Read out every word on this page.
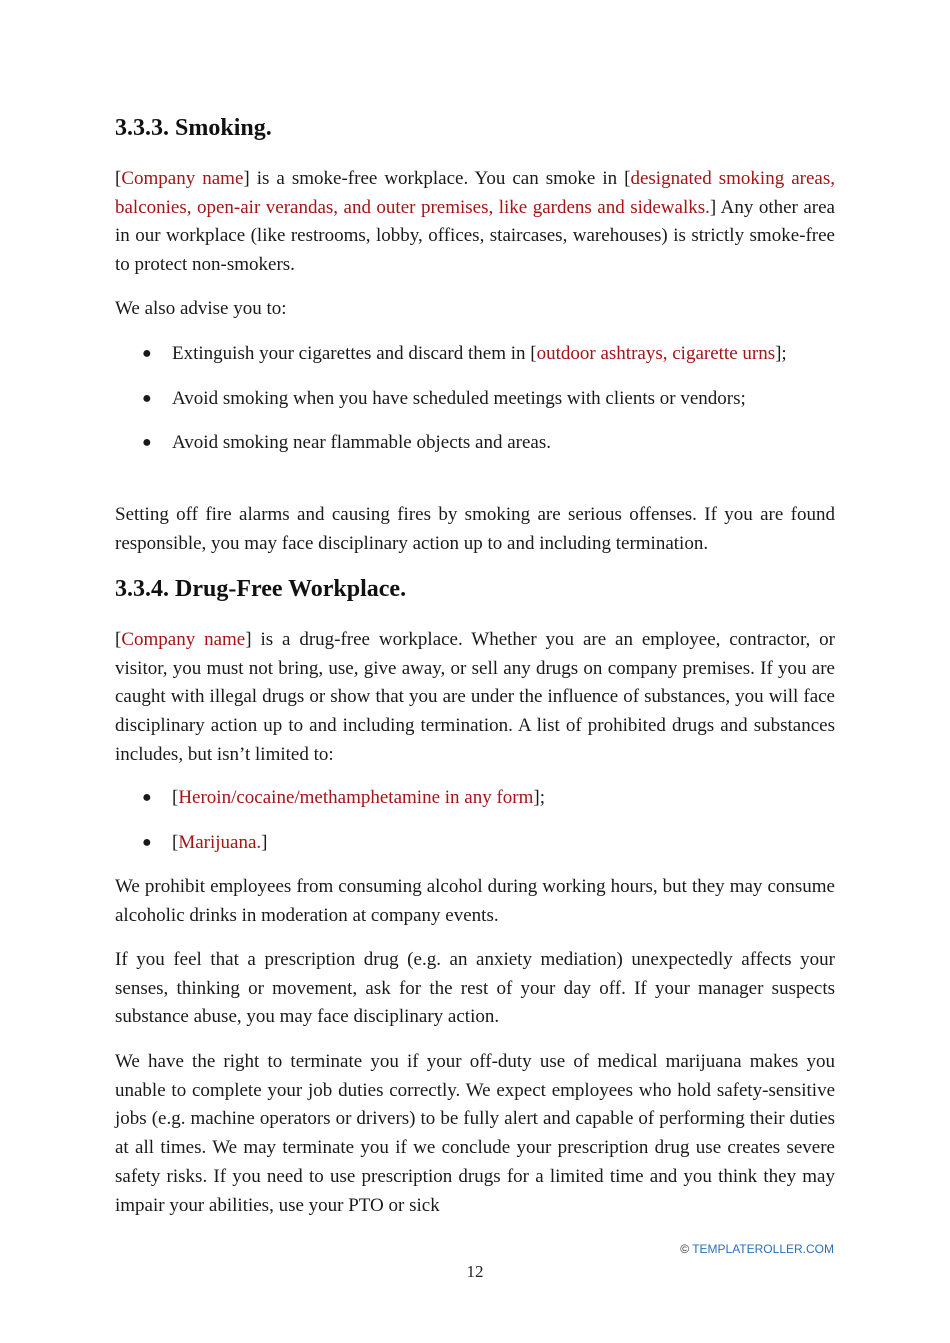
3.3.3. Smoking.

[Company name] is a smoke-free workplace. You can smoke in [designated smoking areas, balconies, open-air verandas, and outer premises, like gardens and sidewalks.] Any other area in our workplace (like restrooms, lobby, offices, staircases, warehouses) is strictly smoke-free to protect non-smokers.

We also advise you to:

● Extinguish your cigarettes and discard them in [outdoor ashtrays, cigarette urns];
● Avoid smoking when you have scheduled meetings with clients or vendors;
● Avoid smoking near flammable objects and areas.

Setting off fire alarms and causing fires by smoking are serious offenses. If you are found responsible, you may face disciplinary action up to and including termination.

3.3.4. Drug-Free Workplace.

[Company name] is a drug-free workplace. Whether you are an employee, contractor, or visitor, you must not bring, use, give away, or sell any drugs on company premises. If you are caught with illegal drugs or show that you are under the influence of substances, you will face disciplinary action up to and including termination. A list of prohibited drugs and substances includes, but isn’t limited to:

● [Heroin/cocaine/methamphetamine in any form];
● [Marijuana.]

We prohibit employees from consuming alcohol during working hours, but they may consume alcoholic drinks in moderation at company events.

If you feel that a prescription drug (e.g. an anxiety mediation) unexpectedly affects your senses, thinking or movement, ask for the rest of your day off. If your manager suspects substance abuse, you may face disciplinary action.

We have the right to terminate you if your off-duty use of medical marijuana makes you unable to complete your job duties correctly. We expect employees who hold safety-sensitive jobs (e.g. machine operators or drivers) to be fully alert and capable of performing their duties at all times. We may terminate you if we conclude your prescription drug use creates severe safety risks. If you need to use prescription drugs for a limited time and you think they may impair your abilities, use your PTO or sick

© TEMPLATEROLLER.COM
12
